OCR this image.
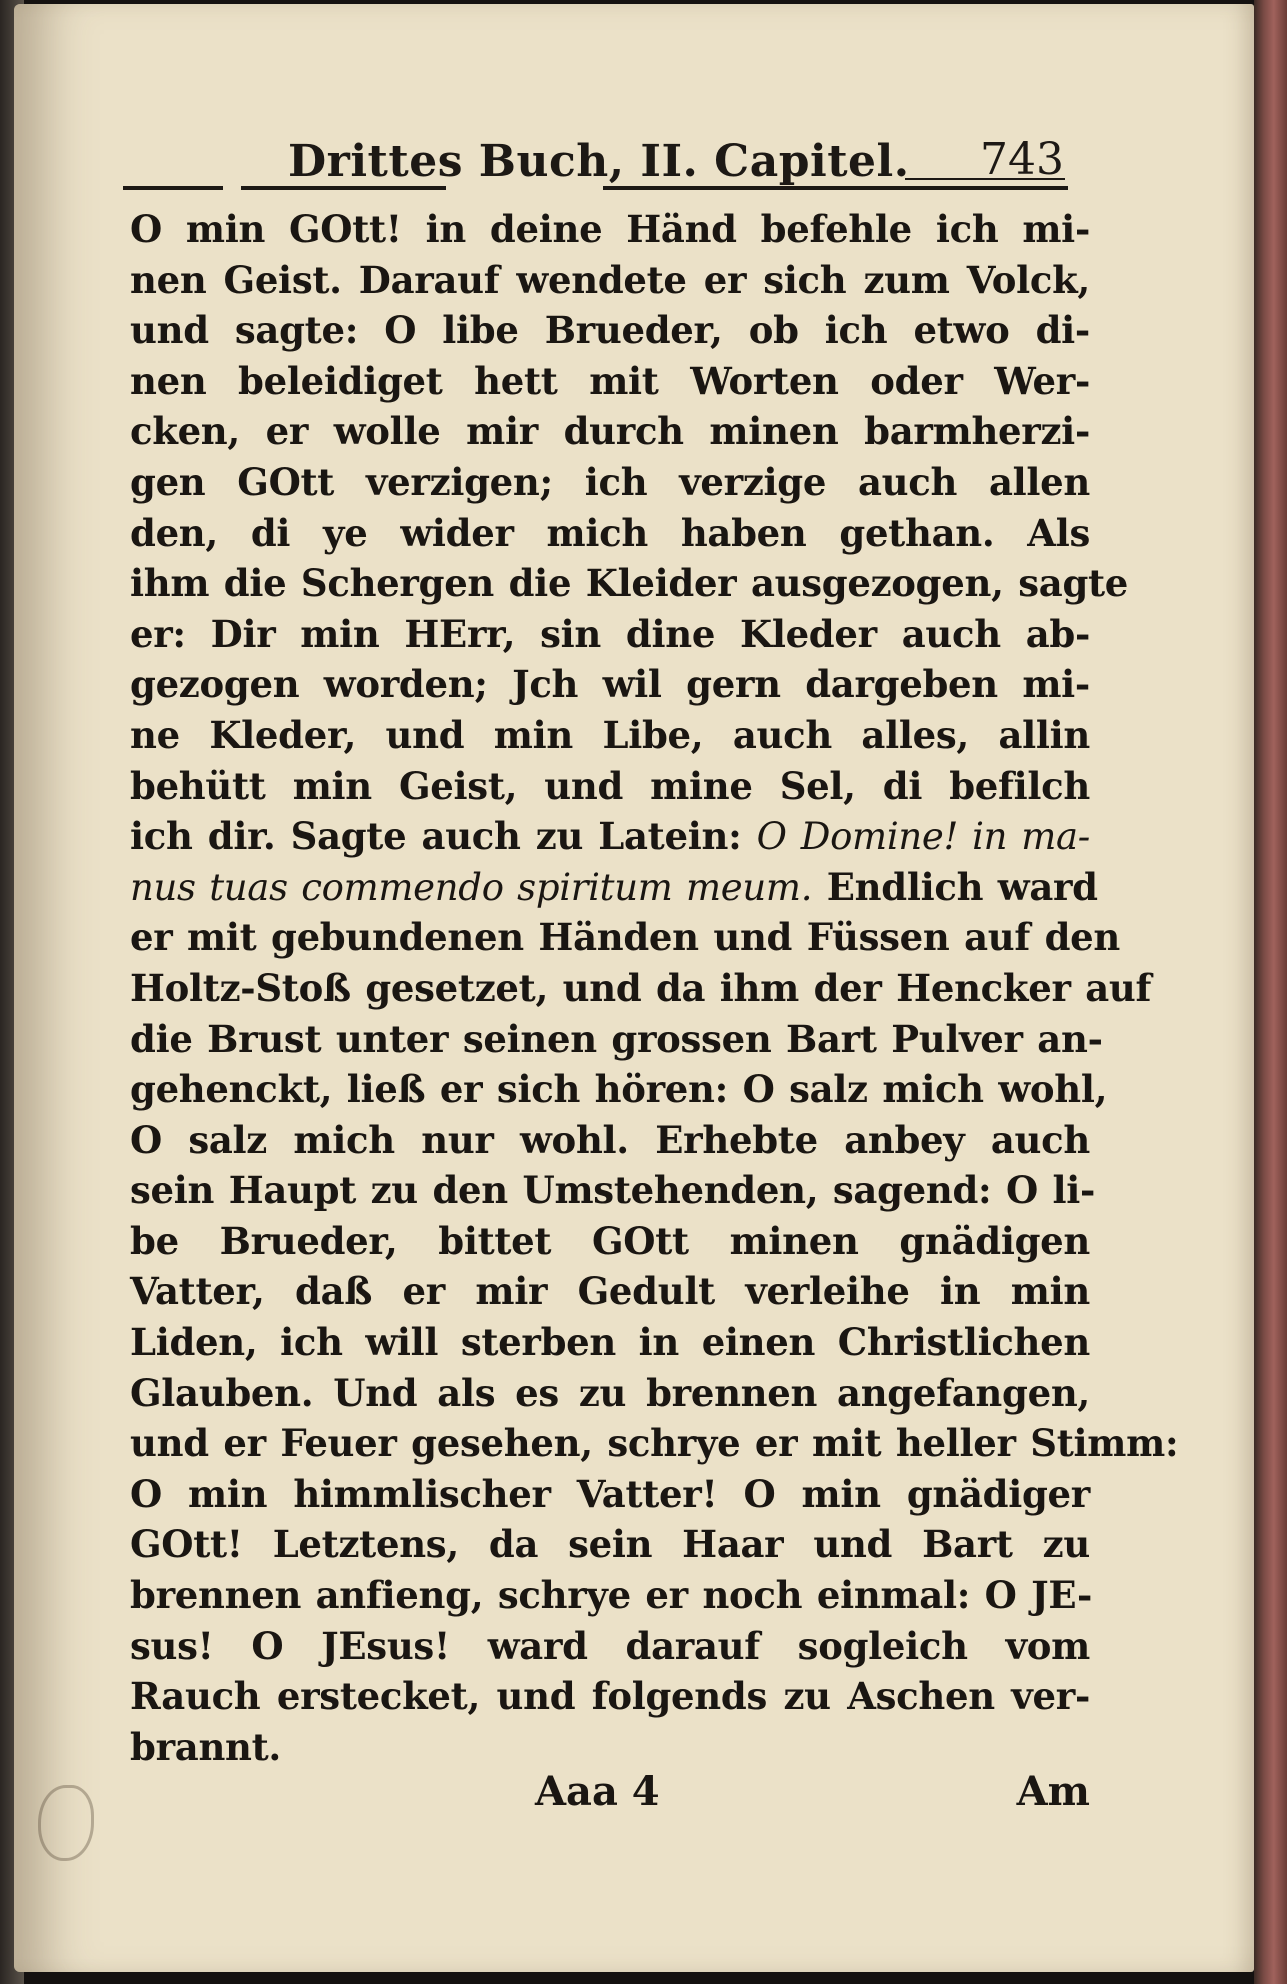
Drittes Buch, II. Capitel. 743
O min GOtt! in deine Händ befehle ich mi-
nen Geist. Darauf wendete er sich zum Volck,
und sagte: O libe Brueder, ob ich etwo di-
nen beleidiget hett mit Worten oder Wer-
cken, er wolle mir durch minen barmherzi-
gen GOtt verzigen; ich verzige auch allen
den, di ye wider mich haben gethan. Als
ihm die Schergen die Kleider ausgezogen, sagte
er: Dir min HErr, sin dine Kleder auch ab-
gezogen worden; Jch wil gern dargeben mi-
ne Kleder, und min Libe, auch alles, allin
behütt min Geist, und mine Sel, di befilch
ich dir. Sagte auch zu Latein: O Domine! in ma-
nus tuas commendo spiritum meum. Endlich ward
er mit gebundenen Händen und Füssen auf den
Holtz-Stoß gesetzet, und da ihm der Hencker auf
die Brust unter seinen grossen Bart Pulver an-
gehenckt, ließ er sich hören: O salz mich wohl,
O salz mich nur wohl. Erhebte anbey auch
sein Haupt zu den Umstehenden, sagend: O li-
be Brueder, bittet GOtt minen gnädigen
Vatter, daß er mir Gedult verleihe in min
Liden, ich will sterben in einen Christlichen
Glauben. Und als es zu brennen angefangen,
und er Feuer gesehen, schrye er mit heller Stimm:
O min himmlischer Vatter! O min gnädiger
GOtt! Letztens, da sein Haar und Bart zu
brennen anfieng, schrye er noch einmal: O JE-
sus! O JEsus! ward darauf sogleich vom
Rauch erstecket, und folgends zu Aschen ver-
brannt.
Aaa 4	Am
